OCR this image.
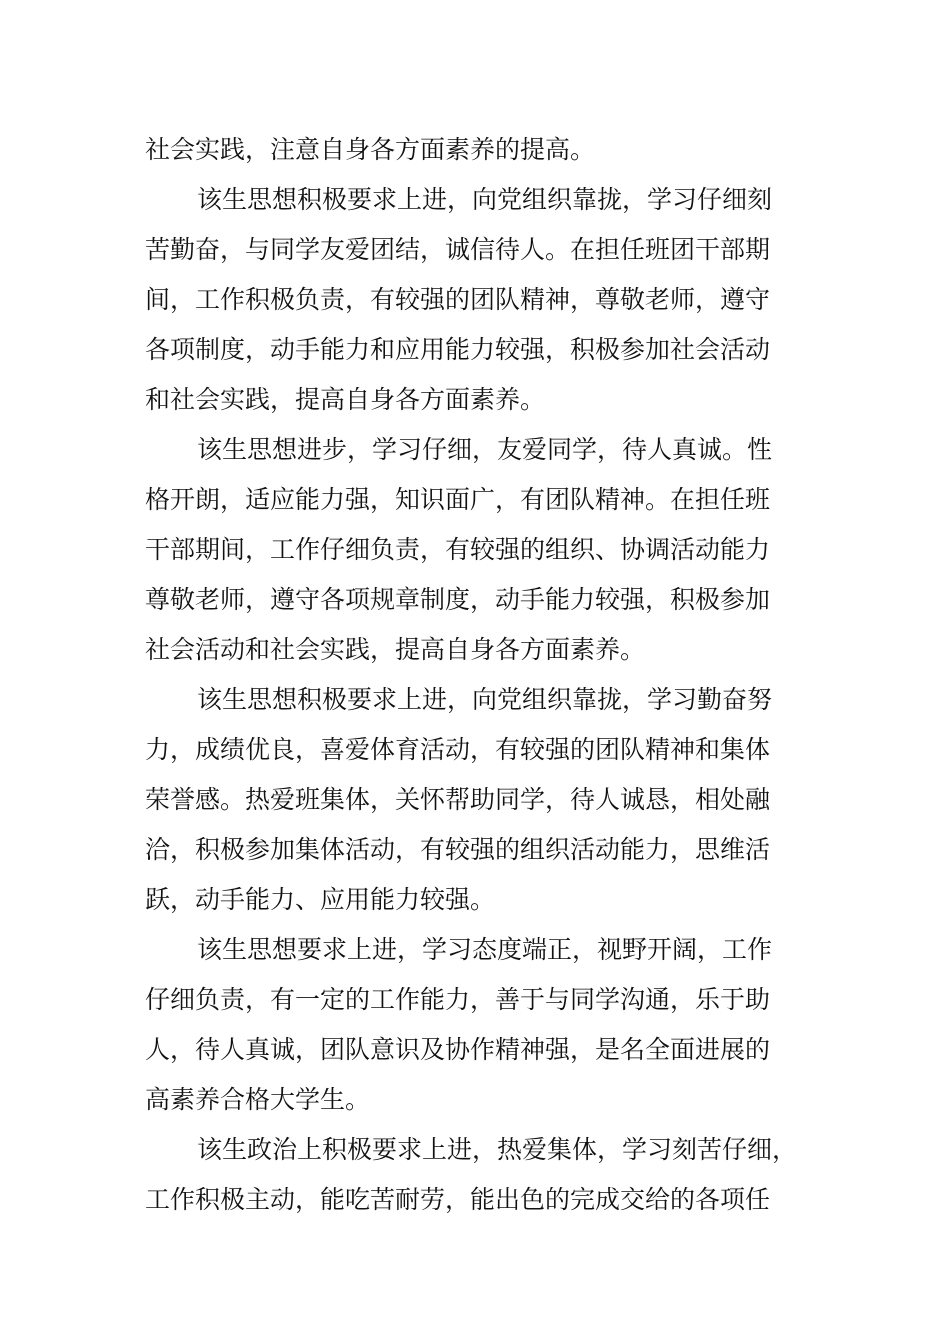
社会实践，注意自身各方面素养的提高。
该生思想积极要求上进，向党组织靠拢，学习仔细刻
苦勤奋，与同学友爱团结，诚信待人。在担任班团干部期
间，工作积极负责，有较强的团队精神，尊敬老师，遵守
各项制度，动手能力和应用能力较强，积极参加社会活动
和社会实践，提高自身各方面素养。
该生思想进步，学习仔细，友爱同学，待人真诚。性
格开朗，适应能力强，知识面广，有团队精神。在担任班
干部期间，工作仔细负责，有较强的组织、协调活动能力
尊敬老师，遵守各项规章制度，动手能力较强，积极参加
社会活动和社会实践，提高自身各方面素养。
该生思想积极要求上进，向党组织靠拢，学习勤奋努
力，成绩优良，喜爱体育活动，有较强的团队精神和集体
荣誉感。热爱班集体，关怀帮助同学，待人诚恳，相处融
洽，积极参加集体活动，有较强的组织活动能力，思维活
跃，动手能力、应用能力较强。
该生思想要求上进，学习态度端正，视野开阔，工作
仔细负责，有一定的工作能力，善于与同学沟通，乐于助
人，待人真诚，团队意识及协作精神强，是名全面进展的
高素养合格大学生。
该生政治上积极要求上进，热爱集体，学习刻苦仔细，
工作积极主动，能吃苦耐劳，能出色的完成交给的各项任
